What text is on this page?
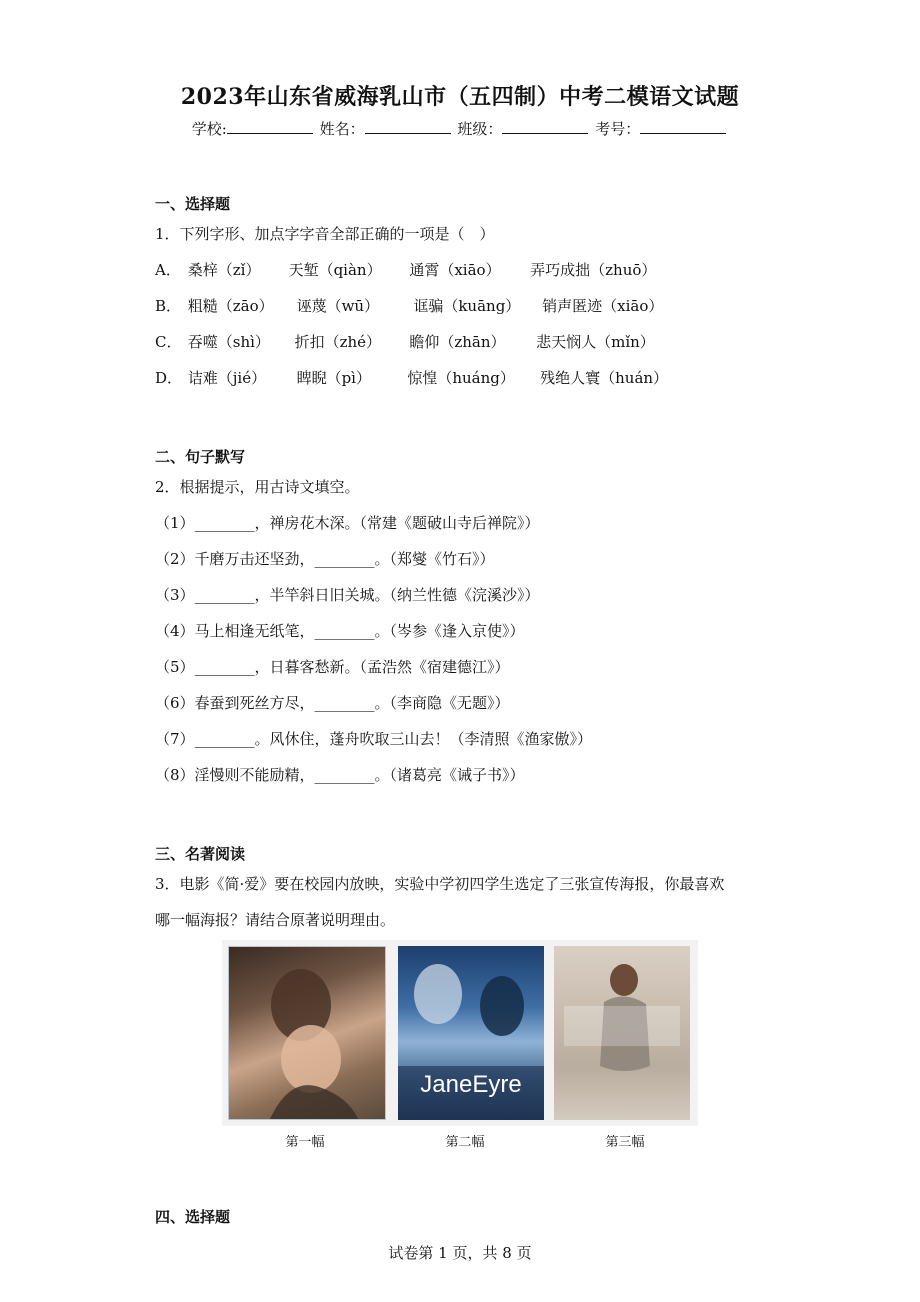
2023年山东省威海乳山市（五四制）中考二模语文试题
学校:	姓名：	班级：	考号：
一、选择题
1．下列字形、加点字字音全部正确的一项是（　）
A． 桑梓（zǐ） 天堑（qiàn） 通霄（xiāo） 弄巧成拙（zhuō）
B． 粗糙（zāo） 诬蔑（wū） 诓骗（kuāng） 销声匿迹（xiāo）
C． 吞噬（shì） 折扣（zhé） 瞻仰（zhān） 悲天悯人（mǐn）
D． 诘难（jié） 睥睨（pì） 惊惶（huáng） 残绝人寰（huán）
二、句子默写
2．根据提示，用古诗文填空。
（1）________，禅房花木深。（常建《题破山寺后禅院》）
（2）千磨万击还坚劲，________。（郑燮《竹石》）
（3）________，半竿斜日旧关城。（纳兰性德《浣溪沙》）
（4）马上相逢无纸笔，________。（岑参《逢入京使》）
（5）________，日暮客愁新。（孟浩然《宿建德江》）
（6）春蚕到死丝方尽，________。（李商隐《无题》）
（7）________。风休住，蓬舟吹取三山去！（李清照《渔家傲》）
（8）淫慢则不能励精，________。（诸葛亮《诫子书》）
三、名著阅读
3．电影《简·爱》要在校园内放映，实验中学初四学生选定了三张宣传海报，你最喜欢
哪一幅海报？请结合原著说明理由。
JaneEyre
第一幅	第二幅	第三幅
四、选择题
试卷第 1 页，共 8 页
